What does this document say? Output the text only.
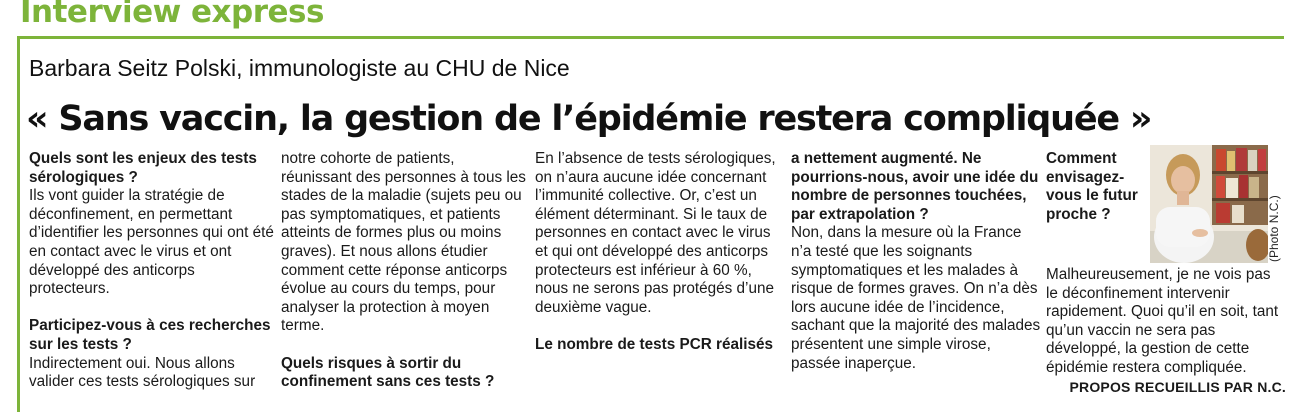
Interview express
Barbara Seitz Polski, immunologiste au CHU de Nice
« Sans vaccin, la gestion de l’épidémie restera compliquée »

Quels sont les enjeux des tests sérologiques ?

Ils vont guider la stratégie de déconfinement, en permettant d’identifier les personnes qui ont été en contact avec le virus et ont développé des anticorps protecteurs.

Participez-vous à ces recherches sur les tests ?

Indirectement oui. Nous allons valider ces tests sérologiques sur

notre cohorte de patients, réunissant des personnes à tous les stades de la maladie (sujets peu ou pas symptomatiques, et patients atteints de formes plus ou moins graves). Et nous allons étudier comment cette réponse anticorps évolue au cours du temps, pour analyser la protection à moyen terme.

Quels risques à sortir du confinement sans ces tests ?

En l’absence de tests sérologiques, on n’aura aucune idée concernant l’immunité collective. Or, c’est un élément déterminant. Si le taux de personnes en contact avec le virus et qui ont développé des anticorps protecteurs est inférieur à 60 %, nous ne serons pas protégés d’une deuxième vague.

Le nombre de tests PCR réalisés

a nettement augmenté. Ne pourrions-nous, avoir une idée du nombre de personnes touchées, par extrapolation ?

Non, dans la mesure où la France n’a testé que les soignants symptomatiques et les malades à risque de formes graves. On n’a dès lors aucune idée de l’incidence, sachant que la majorité des malades présentent une simple virose, passée inaperçue.

Comment envisagez-vous le futur proche ?

Malheureusement, je ne vois pas le déconfinement intervenir rapidement. Quoi qu’il en soit, tant qu’un vaccin ne sera pas développé, la gestion de cette épidémie restera compliquée.

PROPOS RECUEILLIS PAR N.C.

(Photo N.C.)
